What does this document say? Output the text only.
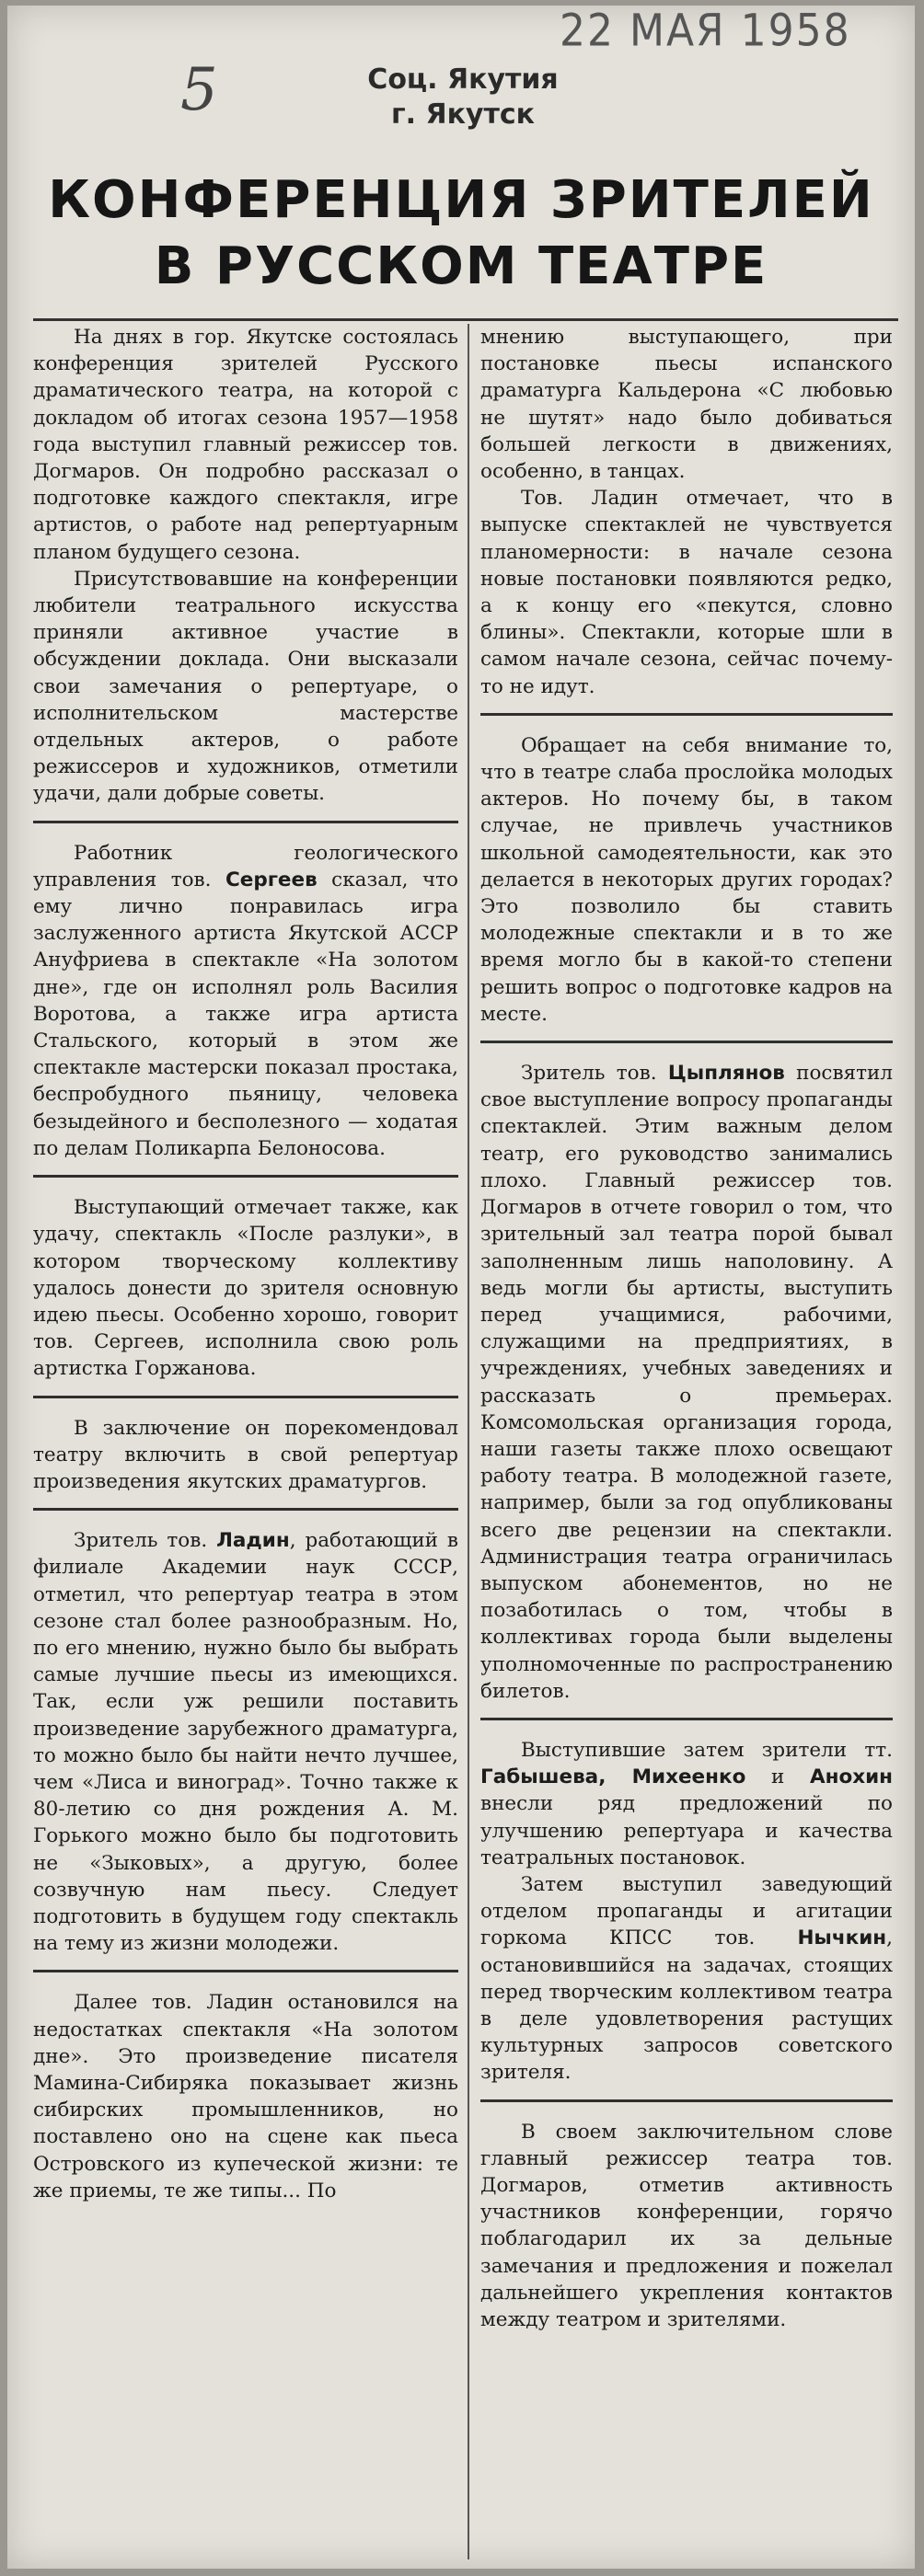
22 МАЯ 1958
5	Соц. Якутия
г. Якутск
КОНФЕРЕНЦИЯ ЗРИТЕЛЕЙ
В РУССКОМ ТЕАТРЕ

На днях в гор. Якутске состоялась конференция зрителей Русского драматического театра, на которой с докладом об итогах сезона 1957—1958 года выступил главный режиссер тов. Догмаров. Он подробно рассказал о подготовке каждого спектакля, игре артистов, о работе над репертуарным планом будущего сезона.

Присутствовавшие на конференции любители театрального искусства приняли активное участие в обсуждении доклада. Они высказали свои замечания о репертуаре, о исполнительском мастерстве отдельных актеров, о работе режиссеров и художников, отметили удачи, дали добрые советы.

Работник геологического управления тов. Сергеев сказал, что ему лично понравилась игра заслуженного артиста Якутской АССР Ануфриева в спектакле «На золотом дне», где он исполнял роль Василия Воротова, а также игра артиста Стальского, который в этом же спектакле мастерски показал простака, беспробудного пьяницу, человека безыдейного и бесполезного — ходатая по делам Поликарпа Белоносова.

Выступающий отмечает также, как удачу, спектакль «После разлуки», в котором творческому коллективу удалось донести до зрителя основную идею пьесы. Особенно хорошо, говорит тов. Сергеев, исполнила свою роль артистка Горжанова.

В заключение он порекомендовал театру включить в свой репертуар произведения якутских драматургов.

Зритель тов. Ладин, работающий в филиале Академии наук СССР, отметил, что репертуар театра в этом сезоне стал более разнообразным. Но, по его мнению, нужно было бы выбрать самые лучшие пьесы из имеющихся. Так, если уж решили поставить произведение зарубежного драматурга, то можно было бы найти нечто лучшее, чем «Лиса и виноград». Точно также к 80-летию со дня рождения А. М. Горького можно было бы подготовить не «Зыковых», а другую, более созвучную нам пьесу. Следует подготовить в будущем году спектакль на тему из жизни молодежи.

Далее тов. Ладин остановился на недостатках спектакля «На золотом дне». Это произведение писателя Мамина-Сибиряка показывает жизнь сибирских промышленников, но поставлено оно на сцене как пьеса Островского из купеческой жизни: те же приемы, те же типы... По

мнению выступающего, при постановке пьесы испанского драматурга Кальдерона «С любовью не шутят» надо было добиваться большей легкости в движениях, особенно, в танцах.

Тов. Ладин отмечает, что в выпуске спектаклей не чувствуется планомерности: в начале сезона новые постановки появляются редко, а к концу его «пекутся, словно блины». Спектакли, которые шли в самом начале сезона, сейчас почему-то не идут.

Обращает на себя внимание то, что в театре слаба прослойка молодых актеров. Но почему бы, в таком случае, не привлечь участников школьной самодеятельности, как это делается в некоторых других городах? Это позволило бы ставить молодежные спектакли и в то же время могло бы в какой-то степени решить вопрос о подготовке кадров на месте.

Зритель тов. Цыплянов посвятил свое выступление вопросу пропаганды спектаклей. Этим важным делом театр, его руководство занимались плохо. Главный режиссер тов. Догмаров в отчете говорил о том, что зрительный зал театра порой бывал заполненным лишь наполовину. А ведь могли бы артисты, выступить перед учащимися, рабочими, служащими на предприятиях, в учреждениях, учебных заведениях и рассказать о премьерах. Комсомольская организация города, наши газеты также плохо освещают работу театра. В молодежной газете, например, были за год опубликованы всего две рецензии на спектакли. Администрация театра ограничилась выпуском абонементов, но не позаботилась о том, чтобы в коллективах города были выделены уполномоченные по распространению билетов.

Выступившие затем зрители тт. Габышева, Михеенко и Анохин внесли ряд предложений по улучшению репертуара и качества театральных постановок.

Затем выступил заведующий отделом пропаганды и агитации горкома КПСС тов. Нычкин, остановившийся на задачах, стоящих перед творческим коллективом театра в деле удовлетворения растущих культурных запросов советского зрителя.

В своем заключительном слове главный режиссер театра тов. Догмаров, отметив активность участников конференции, горячо поблагодарил их за дельные замечания и предложения и пожелал дальнейшего укрепления контактов между театром и зрителями.
